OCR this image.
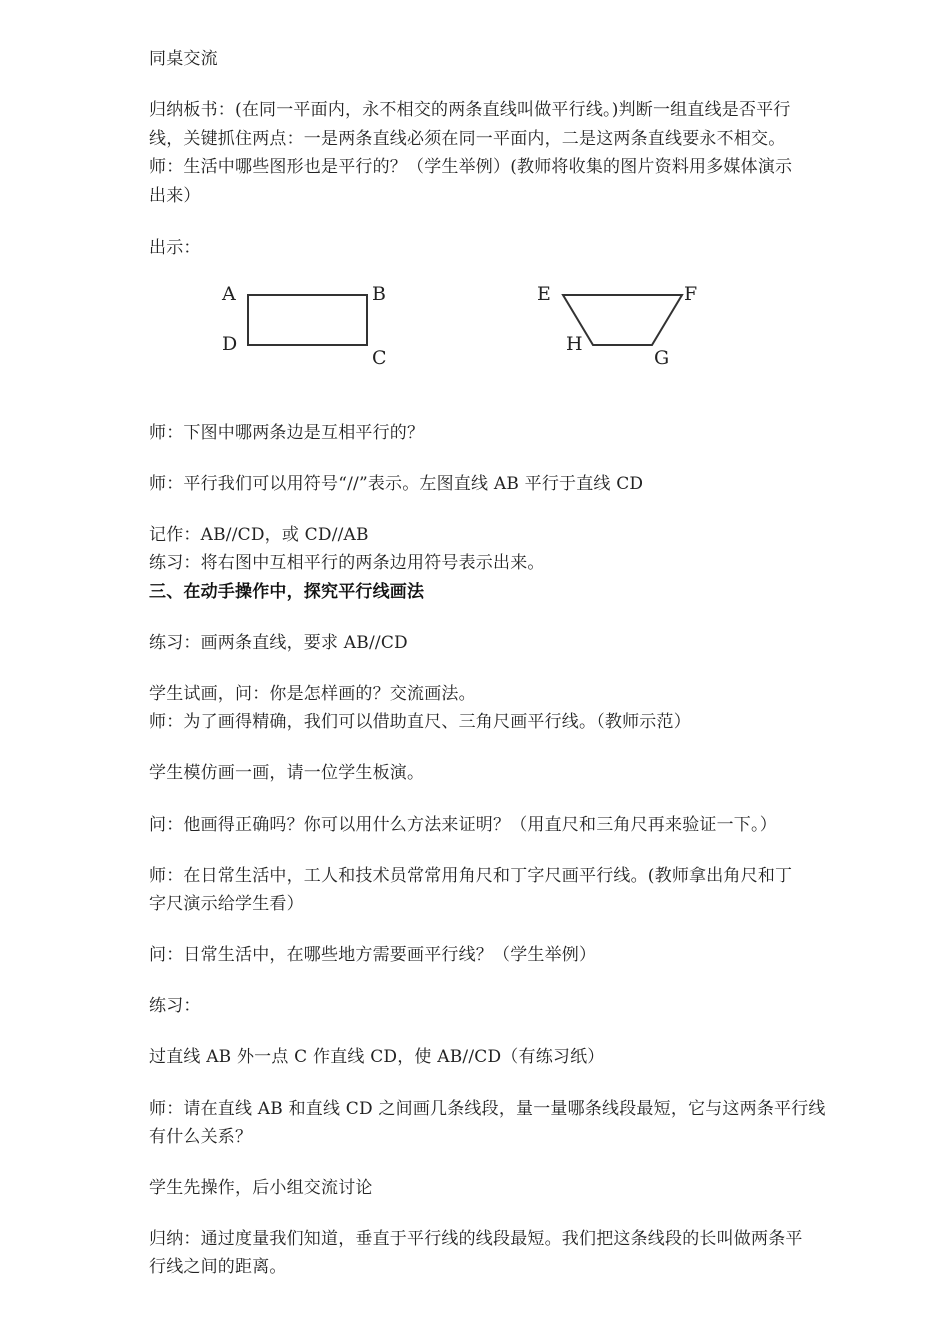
同桌交流
归纳板书：(在同一平面内，永不相交的两条直线叫做平行线。)判断一组直线是否平行
线，关键抓住两点：一是两条直线必须在同一平面内，二是这两条直线要永不相交。
师：生活中哪些图形也是平行的？（学生举例）(教师将收集的图片资料用多媒体演示
出来）
出示：
A	B
C
D
E	F
G
H
师：下图中哪两条边是互相平行的？
师：平行我们可以用符号“//”表示。左图直线 AB 平行于直线 CD
记作：AB//CD，或 CD//AB
练习：将右图中互相平行的两条边用符号表示出来。
三、在动手操作中，探究平行线画法
练习：画两条直线，要求 AB//CD
学生试画，问：你是怎样画的？交流画法。
师：为了画得精确，我们可以借助直尺、三角尺画平行线。（教师示范）
学生模仿画一画，请一位学生板演。
问：他画得正确吗？你可以用什么方法来证明？（用直尺和三角尺再来验证一下。）
师：在日常生活中，工人和技术员常常用角尺和丁字尺画平行线。(教师拿出角尺和丁
字尺演示给学生看）
问：日常生活中，在哪些地方需要画平行线？（学生举例）
练习：
过直线 AB 外一点 C 作直线 CD，使 AB//CD（有练习纸）
师：请在直线 AB 和直线 CD 之间画几条线段，量一量哪条线段最短，它与这两条平行线
有什么关系？
学生先操作，后小组交流讨论
归纳：通过度量我们知道，垂直于平行线的线段最短。我们把这条线段的长叫做两条平
行线之间的距离。
